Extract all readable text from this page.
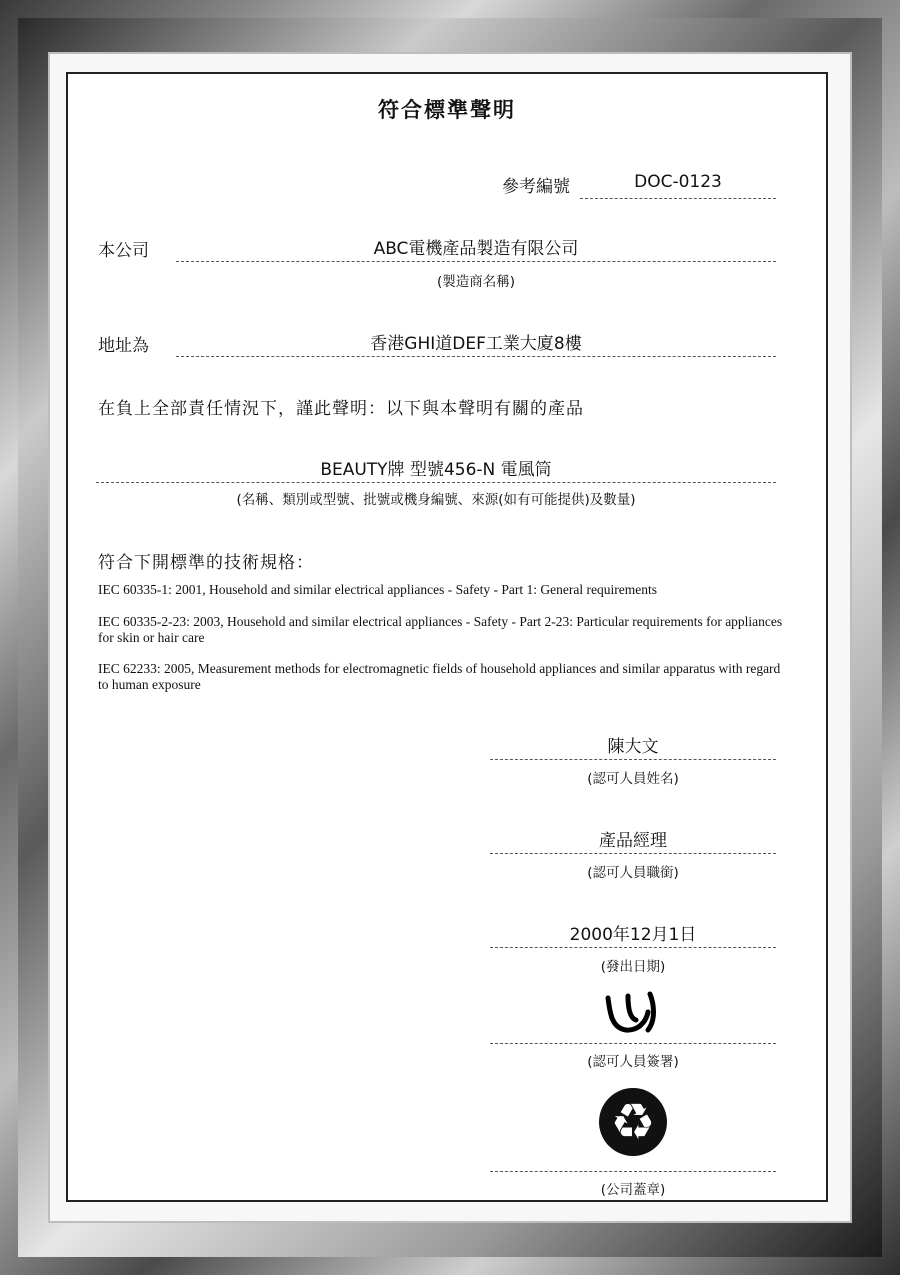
符合標準聲明
參考編號	DOC-0123
本公司	ABC電機產品製造有限公司
(製造商名稱)
地址為	香港GHI道DEF工業大廈8樓
在負上全部責任情況下，謹此聲明：以下與本聲明有關的產品
BEAUTY牌 型號456-N 電風筒
(名稱、類別或型號、批號或機身編號、來源(如有可能提供)及數量)
符合下開標準的技術規格：
IEC 60335-1: 2001, Household and similar electrical appliances - Safety - Part 1: General requirements
IEC 60335-2-23: 2003, Household and similar electrical appliances - Safety - Part 2-23: Particular requirements for appliances for skin or hair care
IEC 62233: 2005, Measurement methods for electromagnetic fields of household appliances and similar apparatus with regard to human exposure
陳大文
(認可人員姓名)
產品經理
(認可人員職銜)
2000年12月1日
(發出日期)
(認可人員簽署)
♻
(公司蓋章)
